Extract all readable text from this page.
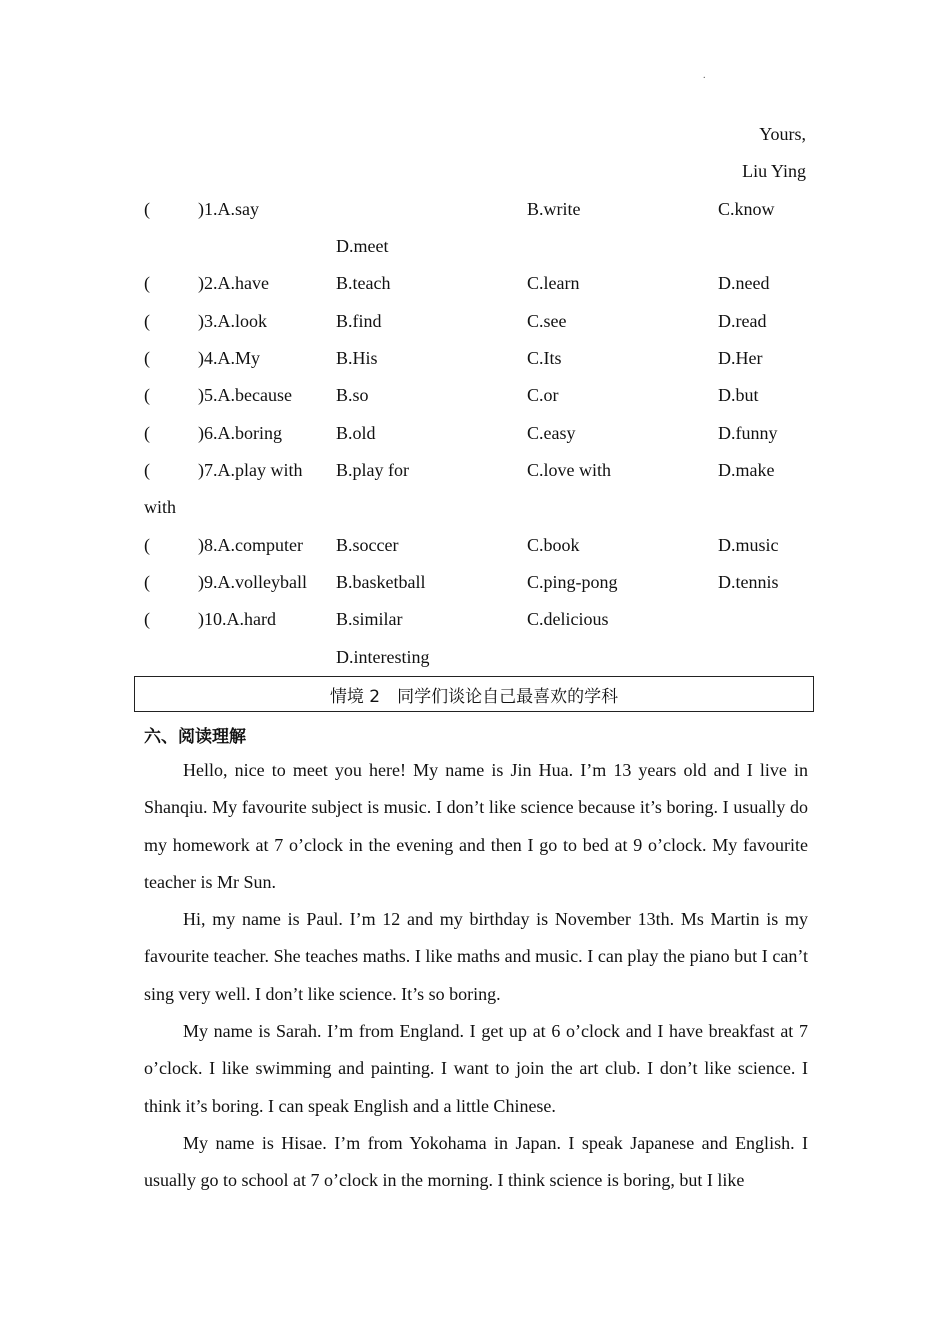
.
Yours,
Liu Ying
(	)1.A.say	B.write	C.know
D.meet
(	)2.A.have	B.teach	C.learn	D.need
(	)3.A.look	B.find	C.see	D.read
(	)4.A.My	B.His	C.Its	D.Her
(	)5.A.because B.so	C.or	D.but
(	)6.A.boring	B.old	C.easy	D.funny
(	)7.A.play with B.play for	C.love with	D.make
with
(	)8.A.computer B.soccer	C.book	D.music
(	)9.A.volleyball B.basketball	C.ping-pong	D.tennis
(	)10.A.hard	B.similar	C.delicious
D.interesting
情境 2　同学们谈论自己最喜欢的学科
六、阅读理解

Hello, nice to meet you here! My name is Jin Hua. I’m 13 years old and I live in Shanqiu. My favourite subject is music. I don’t like science because it’s boring. I usually do my homework at 7 o’clock in the evening and then I go to bed at 9 o’clock. My favourite teacher is Mr Sun.

Hi, my name is Paul. I’m 12 and my birthday is November 13th. Ms Martin is my favourite teacher. She teaches maths. I like maths and music. I can play the piano but I can’t sing very well. I don’t like science. It’s so boring.

My name is Sarah. I’m from England. I get up at 6 o’clock and I have breakfast at 7 o’clock. I like swimming and painting. I want to join the art club. I don’t like science. I think it’s boring. I can speak English and a little Chinese.

My name is Hisae. I’m from Yokohama in Japan. I speak Japanese and English. I usually go to school at 7 o’clock in the morning. I think science is boring, but I like
